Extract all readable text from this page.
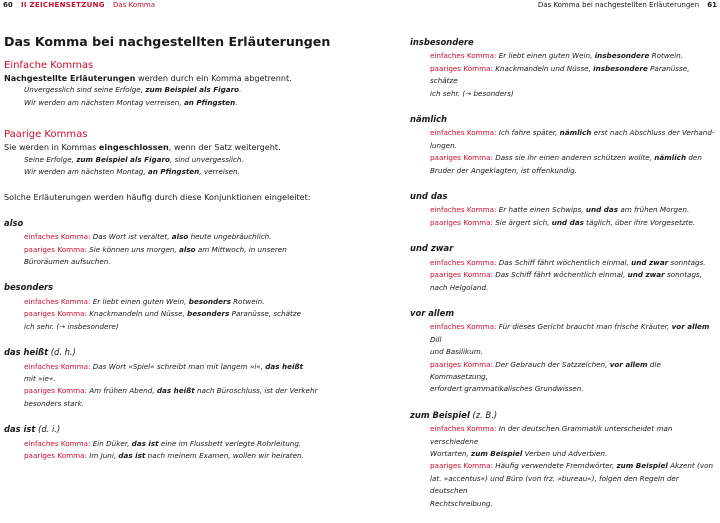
60 II ZEICHENSETZUNG Das Komma	Das Komma bei nachgestellten Erläuterungen 61
Das Komma bei nachgestellten Erläuterungen
Einfache Kommas

Nachgestellte Erläuterungen werden durch ein Komma abgetrennt.

Unvergesslich sind seine Erfolge, zum Beispiel als Figaro.

Wir werden am nächsten Montag verreisen, an Pfingsten.

Paarige Kommas

Sie werden in Kommas eingeschlossen, wenn der Satz weitergeht.

Seine Erfolge, zum Beispiel als Figaro, sind unvergesslich.

Wir werden am nächsten Montag, an Pfingsten, verreisen.

Solche Erläuterungen werden häufig durch diese Konjunktionen eingeleitet:

also

einfaches Komma: Das Wort ist veraltet, also heute ungebräuchlich.

paariges Komma: Sie können uns morgen, also am Mittwoch, in unseren

Büroräumen aufsuchen.

besonders

einfaches Komma: Er liebt einen guten Wein, besonders Rotwein.

paariges Komma: Knackmandeln und Nüsse, besonders Paranüsse, schätze

ich sehr. (→ insbesondere)

das heißt (d. h.)

einfaches Komma: Das Wort »Spiel« schreibt man mit langem »i«, das heißt

mit »ie«.

paariges Komma: Am frühen Abend, das heißt nach Büroschluss, ist der Verkehr

besonders stark.

das ist (d. i.)

einfaches Komma: Ein Düker, das ist eine im Flussbett verlegte Rohrleitung.

paariges Komma: Im Juni, das ist nach meinem Examen, wollen wir heiraten.

insbesondere

einfaches Komma: Er liebt einen guten Wein, insbesondere Rotwein.

paariges Komma: Knackmandeln und Nüsse, insbesondere Paranüsse, schätze

ich sehr. (→ besonders)

nämlich

einfaches Komma: Ich fahre später, nämlich erst nach Abschluss der Verhand-

lungen.

paariges Komma: Dass sie ihr einen anderen schützen wollte, nämlich den

Bruder der Angeklagten, ist offenkundig.

und das

einfaches Komma: Er hatte einen Schwips, und das am frühen Morgen.

paariges Komma: Sie ärgert sich, und das täglich, über ihre Vorgesetzte.

und zwar

einfaches Komma: Das Schiff fährt wöchentlich einmal, und zwar sonntags.

paariges Komma: Das Schiff fährt wöchentlich einmal, und zwar sonntags,

nach Helgoland.

vor allem

einfaches Komma: Für dieses Gericht braucht man frische Kräuter, vor allem Dill

und Basilikum.

paariges Komma: Der Gebrauch der Satzzeichen, vor allem die Kommasetzung,

erfordert grammatikalisches Grundwissen.

zum Beispiel (z. B.)

einfaches Komma: In der deutschen Grammatik unterscheidet man verschiedene

Wortarten, zum Beispiel Verben und Adverbien.

paariges Komma: Häufig verwendete Fremdwörter, zum Beispiel Akzent (von

lat. »accentus«) und Büro (von frz. »bureau«), folgen den Regeln der deutschen

Rechtschreibung.
